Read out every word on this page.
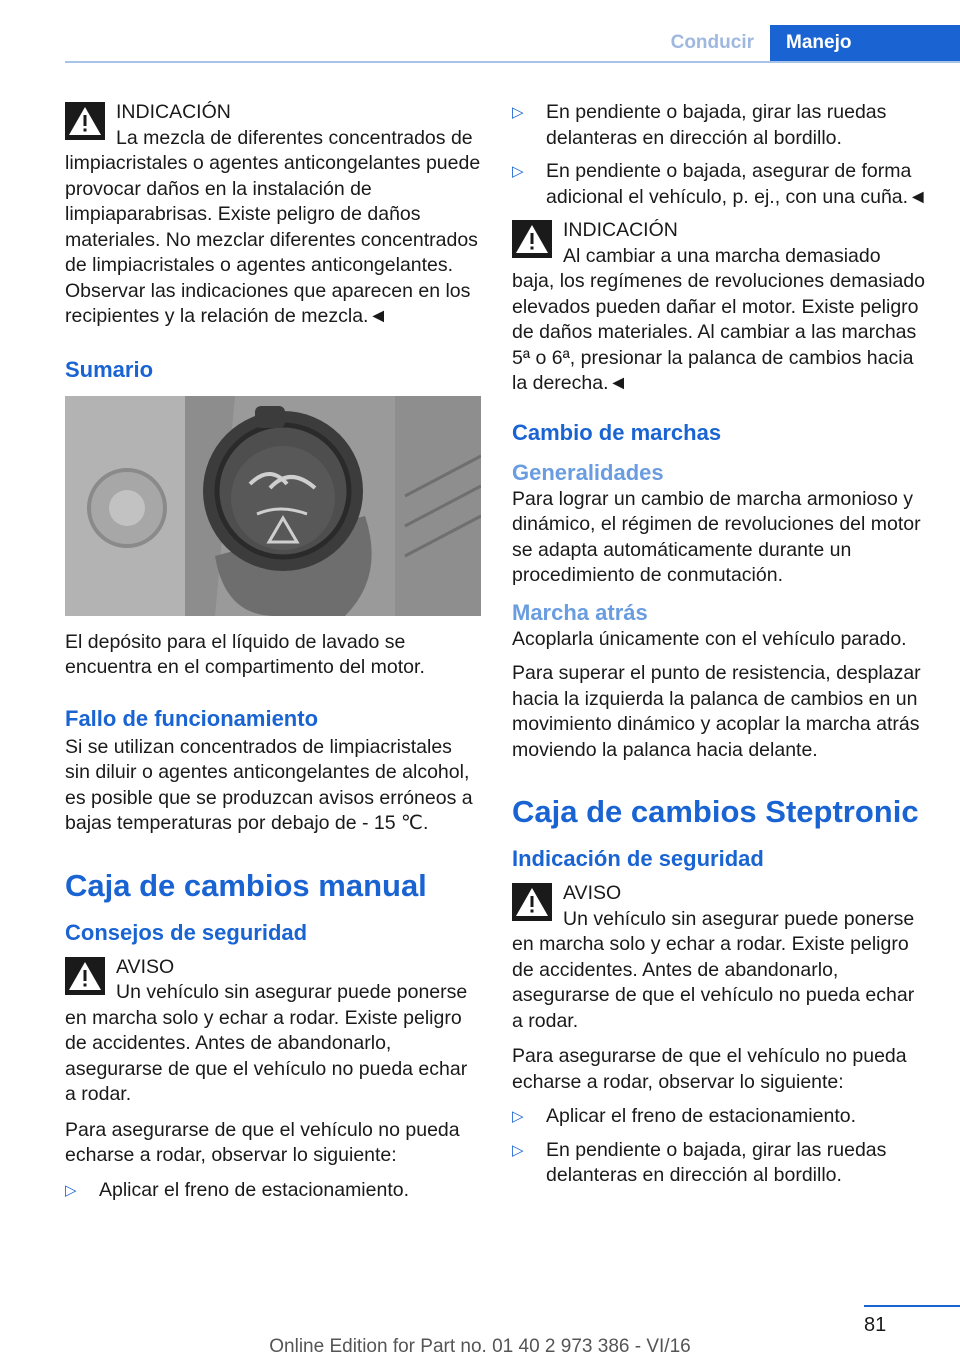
Conducir	Manejo

INDICACIÓN

La mezcla de diferentes concentrados de limpiacristales o agentes anticongelantes puede provocar daños en la instalación de limpiaparabrisas. Existe peligro de daños materiales. No mezclar diferentes concentrados de limpiacristales o agentes anticongelantes. Observar las indicaciones que aparecen en los recipientes y la relación de mezcla.◄

Sumario

El depósito para el líquido de lavado se encuentra en el compartimento del motor.

Fallo de funcionamiento

Si se utilizan concentrados de limpiacristales sin diluir o agentes anticongelantes de alcohol, es posible que se produzcan avisos erróneos a bajas temperaturas por debajo de - 15 ℃.

Caja de cambios manual
Consejos de seguridad

AVISO

Un vehículo sin asegurar puede ponerse en marcha solo y echar a rodar. Existe peligro de accidentes. Antes de abandonarlo, asegurarse de que el vehículo no pueda echar a rodar.

Para asegurarse de que el vehículo no pueda echarse a rodar, observar lo siguiente:

▷ Aplicar el freno de estacionamiento.
▷ En pendiente o bajada, girar las ruedas delanteras en dirección al bordillo.
▷ En pendiente o bajada, asegurar de forma adicional el vehículo, p. ej., con una cuña.◄

INDICACIÓN

Al cambiar a una marcha demasiado baja, los regímenes de revoluciones demasiado elevados pueden dañar el motor. Existe peligro de daños materiales. Al cambiar a las marchas 5ª o 6ª, presionar la palanca de cambios hacia la derecha.◄

Cambio de marchas
Generalidades

Para lograr un cambio de marcha armonioso y dinámico, el régimen de revoluciones del motor se adapta automáticamente durante un procedimiento de conmutación.

Marcha atrás

Acoplarla únicamente con el vehículo parado.

Para superar el punto de resistencia, desplazar hacia la izquierda la palanca de cambios en un movimiento dinámico y acoplar la marcha atrás moviendo la palanca hacia delante.

Caja de cambios Steptronic
Indicación de seguridad

AVISO

Un vehículo sin asegurar puede ponerse en marcha solo y echar a rodar. Existe peligro de accidentes. Antes de abandonarlo, asegurarse de que el vehículo no pueda echar a rodar.

Para asegurarse de que el vehículo no pueda echarse a rodar, observar lo siguiente:

▷ Aplicar el freno de estacionamiento.
▷ En pendiente o bajada, girar las ruedas delanteras en dirección al bordillo.
81
Online Edition for Part no. 01 40 2 973 386 - VI/16
